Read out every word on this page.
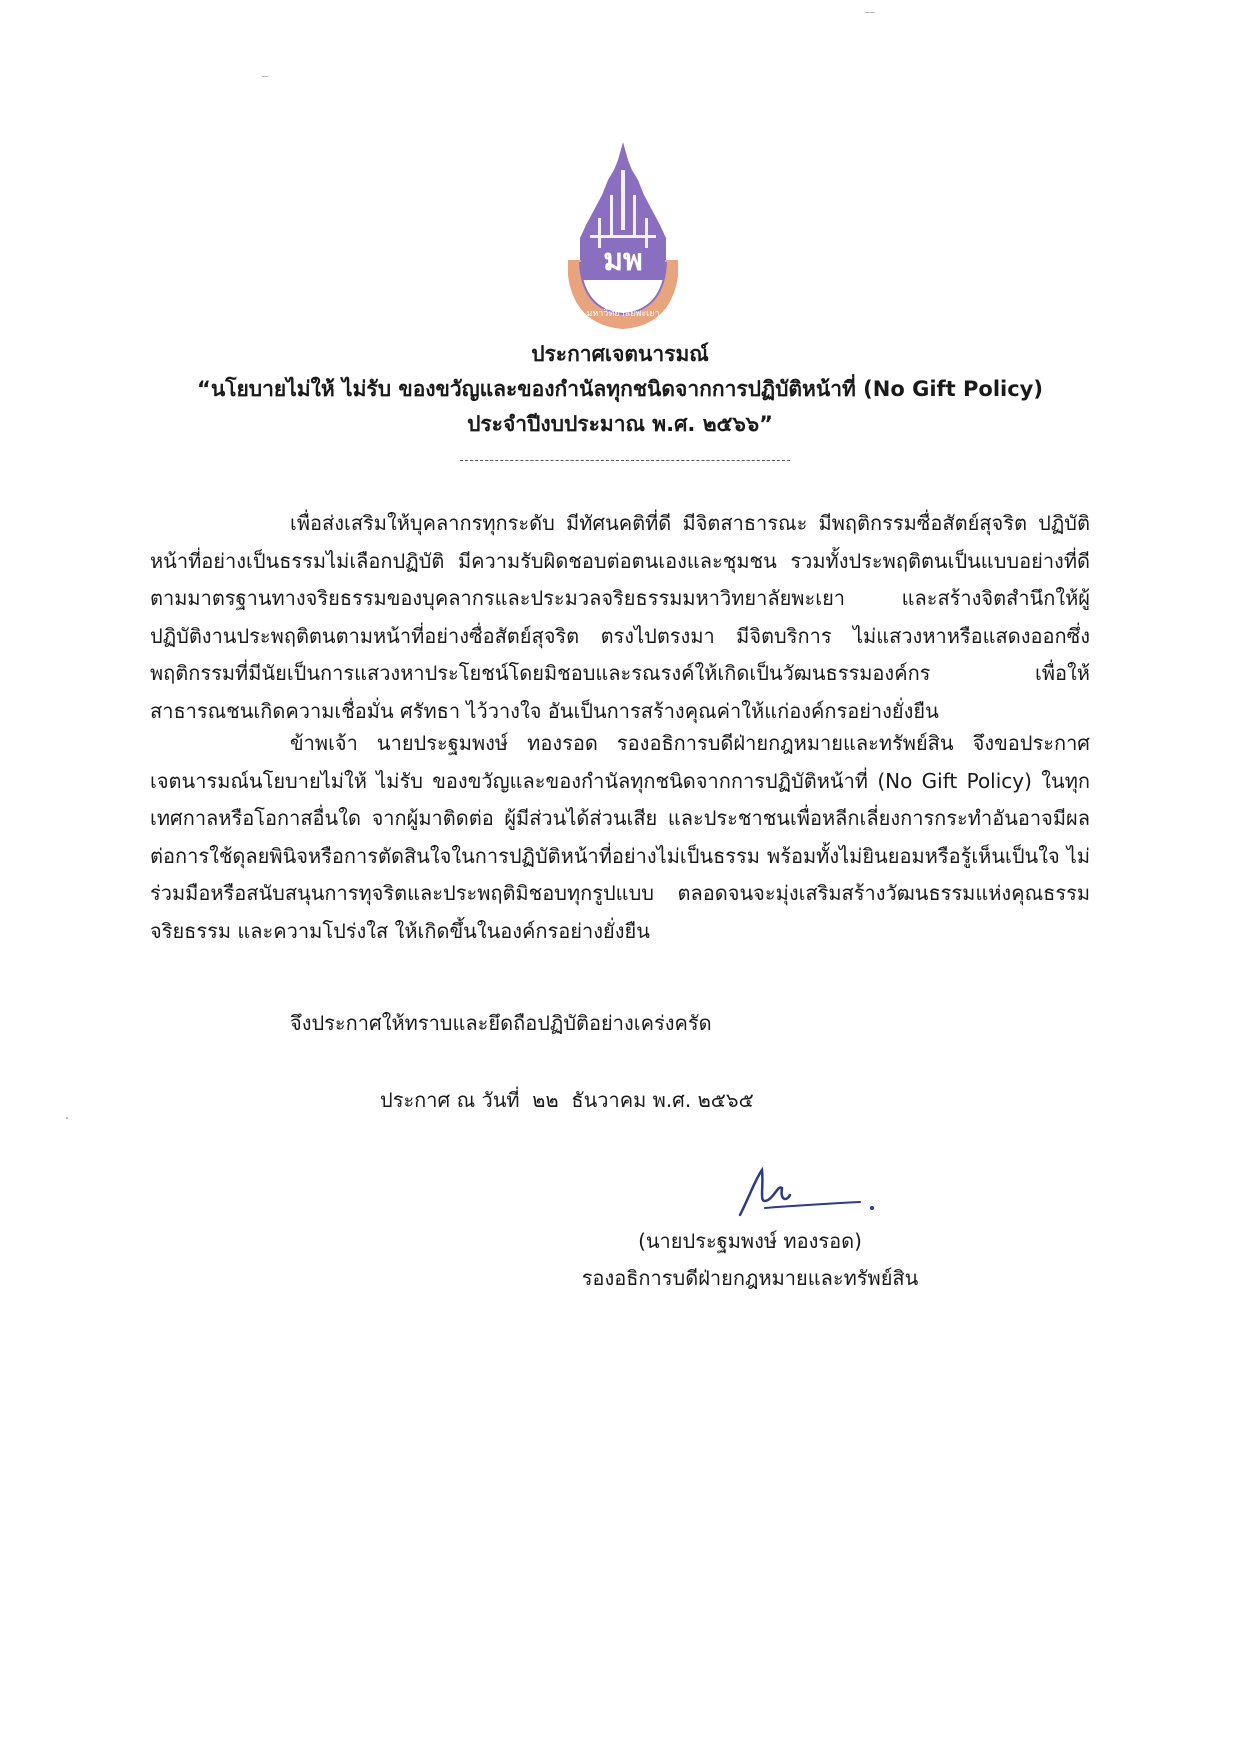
มพ
มหาวิทยาลัยพะเยา
ประกาศเจตนารมณ์
“นโยบายไม่ให้ ไม่รับ ของขวัญและของกำนัลทุกชนิดจากการปฏิบัติหน้าที่ (No Gift Policy)
ประจำปีงบประมาณ พ.ศ. ๒๕๖๖”
เพื่อส่งเสริมให้บุคลากรทุกระดับ มีทัศนคติที่ดี มีจิตสาธารณะ มีพฤติกรรมซื่อสัตย์สุจริต ปฏิบัติหน้าที่อย่างเป็นธรรมไม่เลือกปฏิบัติ มีความรับผิดชอบต่อตนเองและชุมชน รวมทั้งประพฤติตนเป็นแบบอย่างที่ดีตามมาตรฐานทางจริยธรรมของบุคลากรและประมวลจริยธรรมมหาวิทยาลัยพะเยา และสร้างจิตสำนึกให้ผู้ปฏิบัติงานประพฤติตนตามหน้าที่อย่างซื่อสัตย์สุจริต ตรงไปตรงมา มีจิตบริการ ไม่แสวงหาหรือแสดงออกซึ่งพฤติกรรมที่มีนัยเป็นการแสวงหาประโยชน์โดยมิชอบและรณรงค์ให้เกิดเป็นวัฒนธรรมองค์กร เพื่อให้สาธารณชนเกิดความเชื่อมั่น ศรัทธา ไว้วางใจ อันเป็นการสร้างคุณค่าให้แก่องค์กรอย่างยั่งยืน
ข้าพเจ้า นายประฐมพงษ์ ทองรอด รองอธิการบดีฝ่ายกฎหมายและทรัพย์สิน จึงขอประกาศเจตนารมณ์นโยบายไม่ให้ ไม่รับ ของขวัญและของกำนัลทุกชนิดจากการปฏิบัติหน้าที่ (No Gift Policy) ในทุกเทศกาลหรือโอกาสอื่นใด จากผู้มาติดต่อ ผู้มีส่วนได้ส่วนเสีย และประชาชนเพื่อหลีกเลี่ยงการกระทำอันอาจมีผลต่อการใช้ดุลยพินิจหรือการตัดสินใจในการปฏิบัติหน้าที่อย่างไม่เป็นธรรม พร้อมทั้งไม่ยินยอมหรือรู้เห็นเป็นใจ ไม่ร่วมมือหรือสนับสนุนการทุจริตและประพฤติมิชอบทุกรูปแบบ ตลอดจนจะมุ่งเสริมสร้างวัฒนธรรมแห่งคุณธรรม จริยธรรม และความโปร่งใส ให้เกิดขึ้นในองค์กรอย่างยั่งยืน
จึงประกาศให้ทราบและยึดถือปฏิบัติอย่างเคร่งครัด
ประกาศ ณ วันที่  ๒๒  ธันวาคม พ.ศ. ๒๕๖๕
(นายประฐมพงษ์ ทองรอด)
รองอธิการบดีฝ่ายกฎหมายและทรัพย์สิน
